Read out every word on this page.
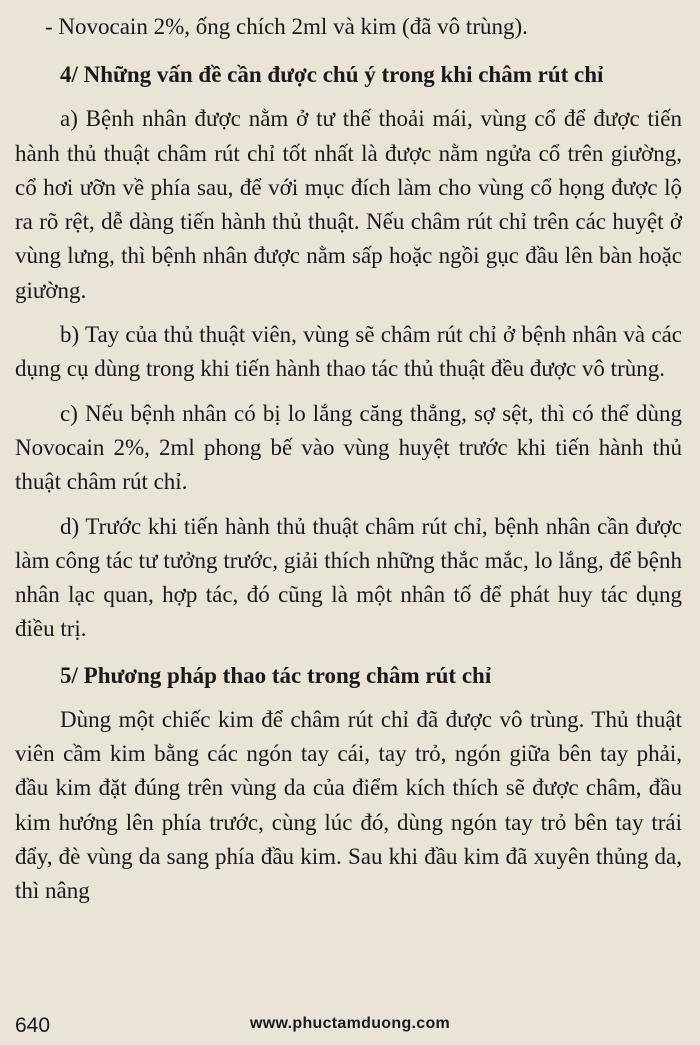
- Novocain 2%, ống chích 2ml và kim (đã vô trùng).

4/ Những vấn đề cần được chú ý trong khi châm rút chỉ

a) Bệnh nhân được nằm ở tư thế thoải mái, vùng cổ để được tiến hành thủ thuật châm rút chỉ tốt nhất là được nằm ngửa cổ trên giường, cổ hơi ưỡn về phía sau, để với mục đích làm cho vùng cổ họng được lộ ra rõ rệt, dễ dàng tiến hành thủ thuật. Nếu châm rút chỉ trên các huyệt ở vùng lưng, thì bệnh nhân được nằm sấp hoặc ngồi gục đầu lên bàn hoặc giường.

b) Tay của thủ thuật viên, vùng sẽ châm rút chỉ ở bệnh nhân và các dụng cụ dùng trong khi tiến hành thao tác thủ thuật đều được vô trùng.

c) Nếu bệnh nhân có bị lo lắng căng thẳng, sợ sệt, thì có thể dùng Novocain 2%, 2ml phong bế vào vùng huyệt trước khi tiến hành thủ thuật châm rút chỉ.

d) Trước khi tiến hành thủ thuật châm rút chỉ, bệnh nhân cần được làm công tác tư tưởng trước, giải thích những thắc mắc, lo lắng, để bệnh nhân lạc quan, hợp tác, đó cũng là một nhân tố để phát huy tác dụng điều trị.

5/ Phương pháp thao tác trong châm rút chỉ

Dùng một chiếc kim để châm rút chỉ đã được vô trùng. Thủ thuật viên cầm kim bằng các ngón tay cái, tay trỏ, ngón giữa bên tay phải, đầu kim đặt đúng trên vùng da của điểm kích thích sẽ được châm, đầu kim hướng lên phía trước, cùng lúc đó, dùng ngón tay trỏ bên tay trái đẩy, đè vùng da sang phía đầu kim. Sau khi đầu kim đã xuyên thủng da, thì nâng

640	www.phuctamduong.com
